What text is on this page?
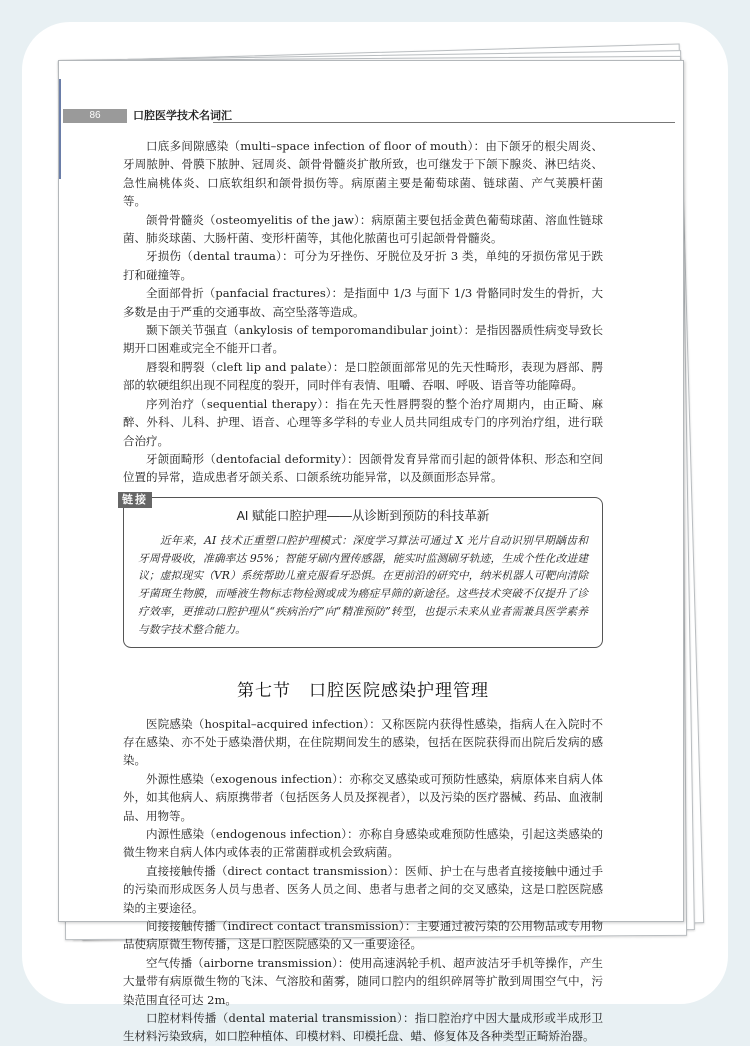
86	口腔医学技术名词汇

口底多间隙感染（multi–space infection of floor of mouth）：由下颌牙的根尖周炎、牙周脓肿、骨膜下脓肿、冠周炎、颌骨骨髓炎扩散所致，也可继发于下颌下腺炎、淋巴结炎、急性扁桃体炎、口底软组织和颌骨损伤等。病原菌主要是葡萄球菌、链球菌、产气荚膜杆菌等。

颌骨骨髓炎（osteomyelitis of the jaw）：病原菌主要包括金黄色葡萄球菌、溶血性链球菌、肺炎球菌、大肠杆菌、变形杆菌等，其他化脓菌也可引起颌骨骨髓炎。

牙损伤（dental trauma）：可分为牙挫伤、牙脱位及牙折 3 类，单纯的牙损伤常见于跌打和碰撞等。

全面部骨折（panfacial fractures）：是指面中 1/3 与面下 1/3 骨骼同时发生的骨折，大多数是由于严重的交通事故、高空坠落等造成。

颞下颌关节强直（ankylosis of temporomandibular joint）：是指因器质性病变导致长期开口困难或完全不能开口者。

唇裂和腭裂（cleft lip and palate）：是口腔颌面部常见的先天性畸形，表现为唇部、腭部的软硬组织出现不同程度的裂开，同时伴有表情、咀嚼、吞咽、呼吸、语音等功能障碍。

序列治疗（sequential therapy）：指在先天性唇腭裂的整个治疗周期内，由正畸、麻醉、外科、儿科、护理、语音、心理等多学科的专业人员共同组成专门的序列治疗组，进行联合治疗。

牙颌面畸形（dentofacial deformity）：因颌骨发育异常而引起的颌骨体积、形态和空间位置的异常，造成患者牙颌关系、口颌系统功能异常，以及颜面形态异常。

链接
AI 赋能口腔护理——从诊断到预防的科技革新

近年来，AI 技术正重塑口腔护理模式：深度学习算法可通过 X 光片自动识别早期龋齿和牙周骨吸收，准确率达 95%；智能牙刷内置传感器，能实时监测刷牙轨迹，生成个性化改进建议；虚拟现实（VR）系统帮助儿童克服看牙恐惧。在更前沿的研究中，纳米机器人可靶向清除牙菌斑生物膜，而唾液生物标志物检测或成为癌症早筛的新途径。这些技术突破不仅提升了诊疗效率，更推动口腔护理从“疾病治疗”向“精准预防”转型，也提示未来从业者需兼具医学素养与数字技术整合能力。

第七节　口腔医院感染护理管理

医院感染（hospital–acquired infection）：又称医院内获得性感染，指病人在入院时不存在感染、亦不处于感染潜伏期，在住院期间发生的感染，包括在医院获得而出院后发病的感染。

外源性感染（exogenous infection）：亦称交叉感染或可预防性感染，病原体来自病人体外，如其他病人、病原携带者（包括医务人员及探视者），以及污染的医疗器械、药品、血液制品、用物等。

内源性感染（endogenous infection）：亦称自身感染或难预防性感染，引起这类感染的微生物来自病人体内或体表的正常菌群或机会致病菌。

直接接触传播（direct contact transmission）：医师、护士在与患者直接接触中通过手的污染而形成医务人员与患者、医务人员之间、患者与患者之间的交叉感染，这是口腔医院感染的主要途径。

间接接触传播（indirect contact transmission）：主要通过被污染的公用物品或专用物品使病原微生物传播，这是口腔医院感染的又一重要途径。

空气传播（airborne transmission）：使用高速涡轮手机、超声波洁牙手机等操作，产生大量带有病原微生物的飞沫、气溶胶和菌雾，随同口腔内的组织碎屑等扩散到周围空气中，污染范围直径可达 2m。

口腔材料传播（dental material transmission）：指口腔治疗中因大量成形或半成形卫生材料污染致病，如口腔种植体、印模材料、印模托盘、蜡、修复体及各种类型正畸矫治器。
